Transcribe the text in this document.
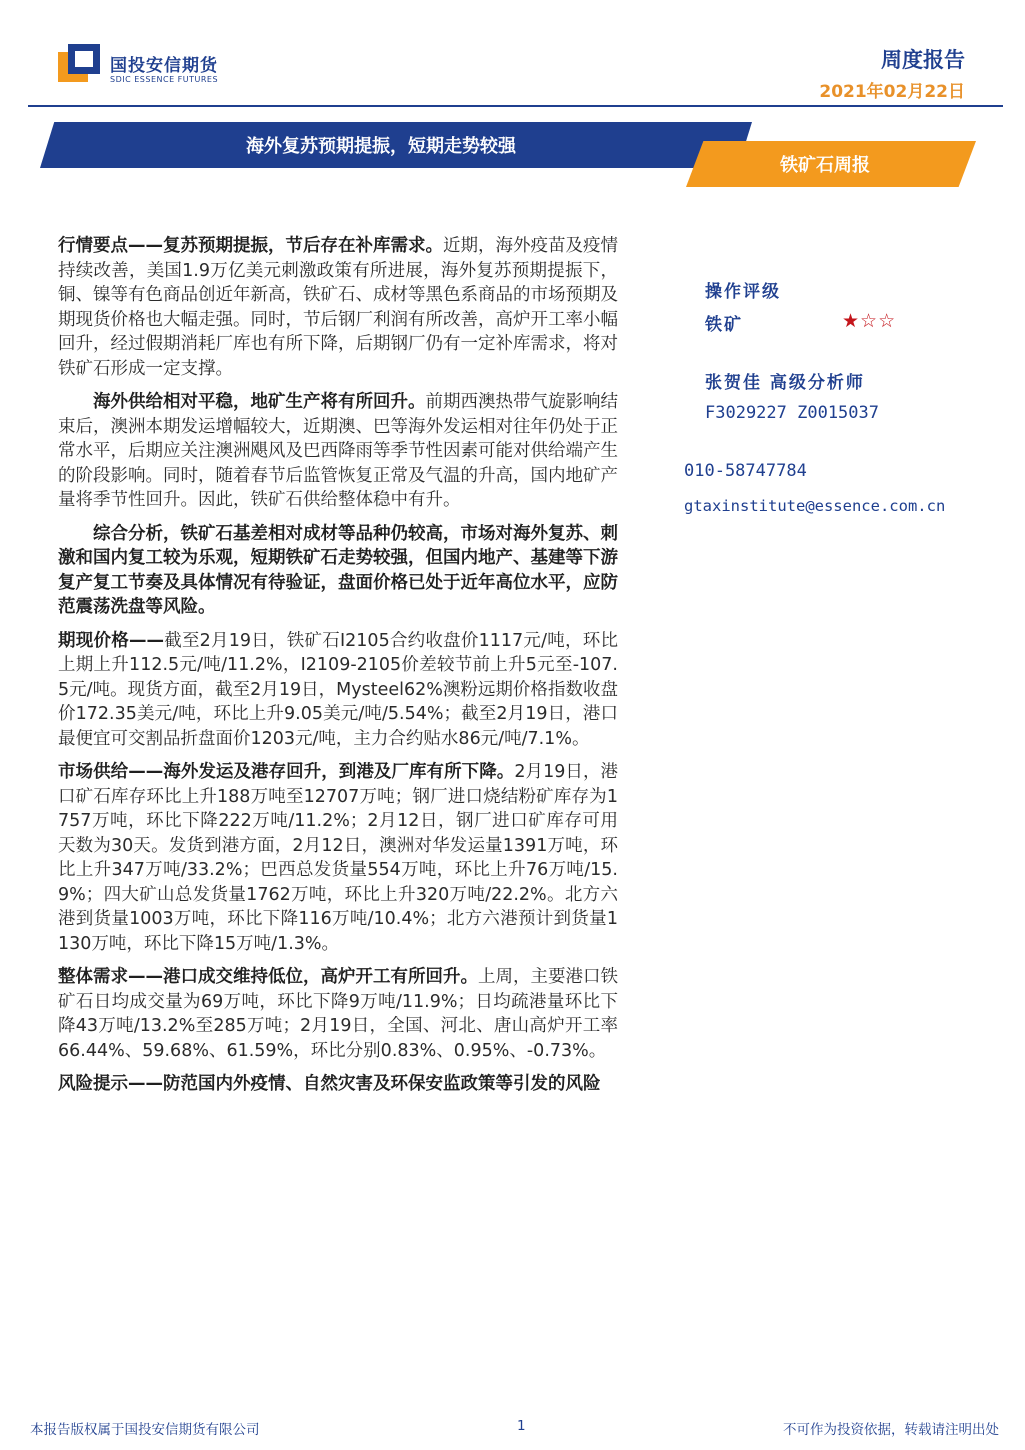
国投安信期货
SDIC ESSENCE FUTURES
周度报告
2021年02月22日
海外复苏预期提振，短期走势较强
铁矿石周报

行情要点——复苏预期提振，节后存在补库需求。近期，海外疫苗及疫情持续改善，美国1.9万亿美元刺激政策有所进展，海外复苏预期提振下，铜、镍等有色商品创近年新高，铁矿石、成材等黑色系商品的市场预期及期现货价格也大幅走强。同时，节后钢厂利润有所改善，高炉开工率小幅回升，经过假期消耗厂库也有所下降，后期钢厂仍有一定补库需求，将对铁矿石形成一定支撑。

海外供给相对平稳，地矿生产将有所回升。前期西澳热带气旋影响结束后，澳洲本期发运增幅较大，近期澳、巴等海外发运相对往年仍处于正常水平，后期应关注澳洲飓风及巴西降雨等季节性因素可能对供给端产生的阶段影响。同时，随着春节后监管恢复正常及气温的升高，国内地矿产量将季节性回升。因此，铁矿石供给整体稳中有升。

综合分析，铁矿石基差相对成材等品种仍较高，市场对海外复苏、刺激和国内复工较为乐观，短期铁矿石走势较强，但国内地产、基建等下游复产复工节奏及具体情况有待验证，盘面价格已处于近年高位水平，应防范震荡洗盘等风险。

期现价格——截至2月19日，铁矿石I2105合约收盘价1117元/吨，环比上期上升112.5元/吨/11.2%，I2109-2105价差较节前上升5元至-107.5元/吨。现货方面，截至2月19日，Mysteel62%澳粉远期价格指数收盘价172.35美元/吨，环比上升9.05美元/吨/5.54%；截至2月19日，港口最便宜可交割品折盘面价1203元/吨，主力合约贴水86元/吨/7.1%。

市场供给——海外发运及港存回升，到港及厂库有所下降。2月19日，港口矿石库存环比上升188万吨至12707万吨；钢厂进口烧结粉矿库存为1757万吨，环比下降222万吨/11.2%；2月12日，钢厂进口矿库存可用天数为30天。发货到港方面，2月12日，澳洲对华发运量1391万吨，环比上升347万吨/33.2%；巴西总发货量554万吨，环比上升76万吨/15.9%；四大矿山总发货量1762万吨，环比上升320万吨/22.2%。北方六港到货量1003万吨，环比下降116万吨/10.4%；北方六港预计到货量1130万吨，环比下降15万吨/1.3%。

整体需求——港口成交维持低位，高炉开工有所回升。上周，主要港口铁矿石日均成交量为69万吨，环比下降9万吨/11.9%；日均疏港量环比下降43万吨/13.2%至285万吨；2月19日，全国、河北、唐山高炉开工率66.44%、59.68%、61.59%，环比分别0.83%、0.95%、-0.73%。

风险提示——防范国内外疫情、自然灾害及环保安监政策等引发的风险

操作评级
铁矿	★☆☆
张贺佳 高级分析师
F3029227 Z0015037
010-58747784
gtaxinstitute@essence.com.cn
本报告版权属于国投安信期货有限公司	1	不可作为投资依据，转载请注明出处
